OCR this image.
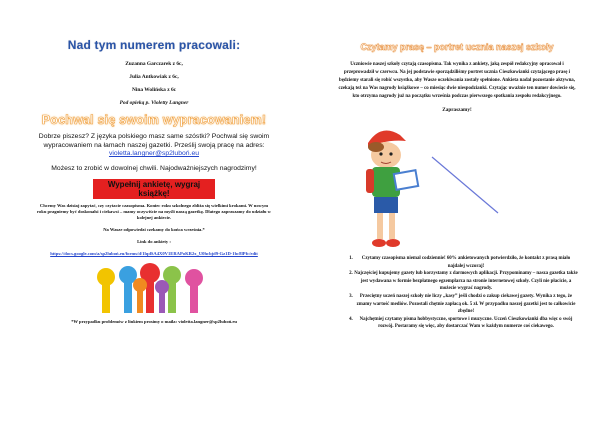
Nad tym numerem pracowali:
Zuzanna Garczarek z 6c,
Julia Antkowiak z 6c,
Nina Wolińska z 6c
Pod opieką p. Violetty Langner
Pochwal się swoim wypracowaniem!
Dobrze piszesz? Z języka polskiego masz same szóstki? Pochwal się swoim wypracowaniem na łamach naszej gazetki. Prześlij swoją pracę na adres: violetta.langner@sp2luboń.eu
Możesz to zrobić w dowolnej chwili. Najodważniejszych nagrodzimy!
Wypełnij ankietę, wygraj książkę!
Chcemy Was dzisiaj zapytać, czy czytacie czasopisma. Koniec roku szkolnego zbliża się wielkimi krokami. W nowym roku pragniemy być doskonalsi i ciekawsi – mamy oczywiście na myśli naszą gazetkę. Dlatego zapraszamy do udziału w kolejnej ankiecie.
Na Wasze odpowiedzi czekamy do końca września.*
Link do ankiety :
https://docs.google.com/a/sp2luboń.eu/forms/d/1lqdSA4X0V1ERAPoKR2x_U0hcbjd9-Gz1D-1bc8lPfc/edit
*W przypadku problemów z linkiem prosimy o maila: violetta.langner@sp2luboń.eu
Czytamy prasę – portret ucznia naszej szkoły
Uczniowie naszej szkoły czytają czasopisma. Tak wynika z ankiety, jaką zespół redakcyjny opracował i przeprowadził w czerwcu. Na jej podstawie sporządziliśmy portret ucznia Cieszkowianki czytającego prasę i będziemy starali się robić wszystko, aby Wasze oczekiwania zostały spełnione. Ankieta nadal pozostanie aktywna, czekają też na Was nagrody książkowe – co miesiąc dwie niespodzianki. Czytając uważnie ten numer dowiecie się, kto otrzyma nagrody już na początku września podczas pierwszego spotkania zespołu redakcyjnego.
Zapraszamy!
1. Czytamy czasopisma niemal codziennie! 60% ankietowanych potwierdziło, że kontakt z prasą miało najdalej wczoraj!
2. Najczęściej kupujemy gazety lub korzystamy z darmowych aplikacji. Przypominamy – nasza gazetka także jest wydawana w formie bezpłatnego egzemplarza na stronie internetowej szkoły. Czyli nie płacicie, a możecie wygrać nagrody.
3. Przeciętny uczeń naszej szkoły nie liczy „kasy” jeśli chodzi o zakup ciekawej gazety. Wynika z tego, że zmamy wartość mediów. Pozostali chętnie zapłacą ok. 5 zł. W przypadku naszej gazetki jest to całkowicie zbędne!
4. Najchętniej czytamy pisma hobbystyczne, sportowe i muzyczne. Uczeń Cieszkowianki dba więc o swój rozwój. Postaramy się więc, aby dostarczać Wam w każdym numerze coś ciekawego.
